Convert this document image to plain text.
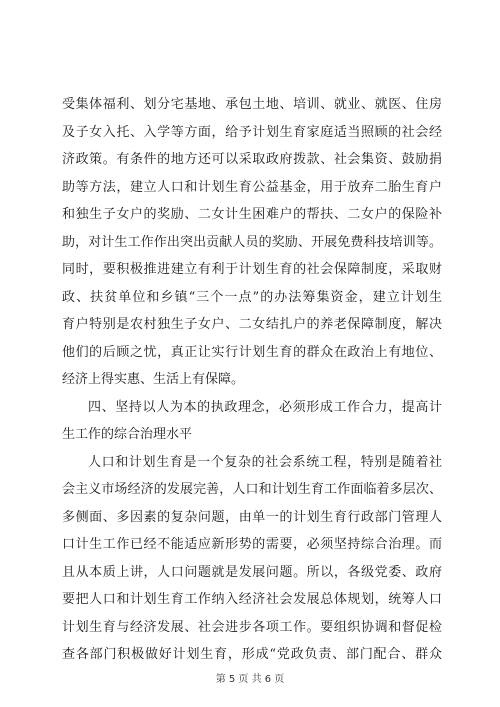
受集体福利、划分宅基地、承包土地、培训、就业、就医、住房
及子女入托、入学等方面，给予计划生育家庭适当照顾的社会经
济政策。有条件的地方还可以采取政府拨款、社会集资、鼓励捐
助等方法，建立人口和计划生育公益基金，用于放弃二胎生育户
和独生子女户的奖励、二女计生困难户的帮扶、二女户的保险补
助，对计生工作作出突出贡献人员的奖励、开展免费科技培训等。
同时，要积极推进建立有利于计划生育的社会保障制度，采取财
政、扶贫单位和乡镇“三个一点”的办法筹集资金，建立计划生
育户特别是农村独生子女户、二女结扎户的养老保障制度，解决
他们的后顾之忧，真正让实行计划生育的群众在政治上有地位、
经济上得实惠、生活上有保障。
四、坚持以人为本的执政理念，必须形成工作合力，提高计
生工作的综合治理水平
人口和计划生育是一个复杂的社会系统工程，特别是随着社
会主义市场经济的发展完善，人口和计划生育工作面临着多层次、
多侧面、多因素的复杂问题，由单一的计划生育行政部门管理人
口计生工作已经不能适应新形势的需要，必须坚持综合治理。而
且从本质上讲，人口问题就是发展问题。所以，各级党委、政府
要把人口和计划生育工作纳入经济社会发展总体规划，统筹人口
计划生育与经济发展、社会进步各项工作。要组织协调和督促检
查各部门积极做好计划生育，形成“党政负责、部门配合、群众
第 5 页 共 6 页
